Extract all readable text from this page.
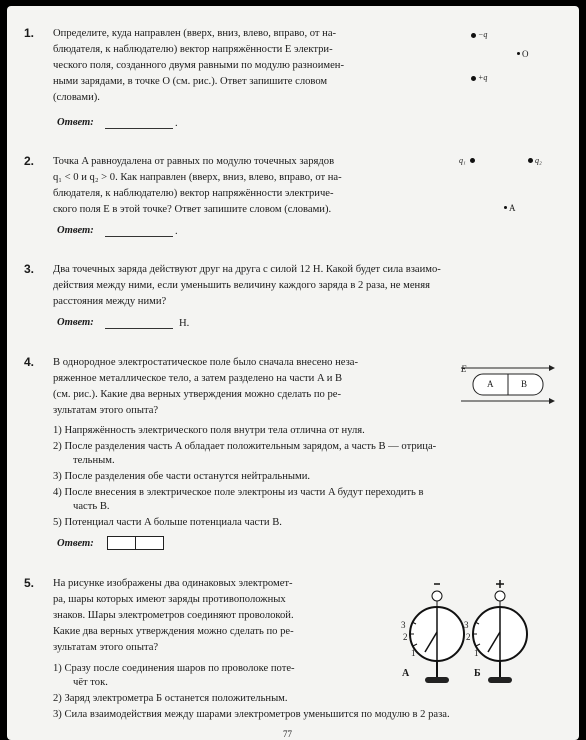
1. Определите, куда направлен (вверх, вниз, влево, вправо, от на-
блюдателя, к наблюдателю) вектор напряжённости E электри-
ческого поля, созданного двумя равными по модулю разноимен-
ными зарядами, в точке O (см. рис.). Ответ запишите словом
(словами).
Ответ:	.
−q
O
+q
2. Точка A равноудалена от равных по модулю точечных зарядов
q₁ < 0 и q₂ > 0. Как направлен (вверх, вниз, влево, вправо, от на-
блюдателя, к наблюдателю) вектор напряжённости электриче-
ского поля E в этой точке? Ответ запишите словом (словами).
Ответ:	.
q₁	q₂
A
3. Два точечных заряда действуют друг на друга с силой 12 Н. Какой будет сила взаимо-
действия между ними, если уменьшить величину каждого заряда в 2 раза, не меняя
расстояния между ними?
Ответ:	Н.
4. В однородное электростатическое поле было сначала внесено неза-
ряженное металлическое тело, а затем разделено на части A и B
(см. рис.). Какие два верных утверждения можно сделать по ре-
зультатам этого опыта?
1) Напряжённость электрического поля внутри тела отлична от нуля.
2) После разделения часть A обладает положительным зарядом, а часть B — отрица-
тельным.
3) После разделения обе части останутся нейтральными.
4) После внесения в электрическое поле электроны из части A будут переходить в
часть B.
5) Потенциал части A больше потенциала части B.
Ответ:
E
A	B
5. На рисунке изображены два одинаковых электромет-
ра, шары которых имеют заряды противоположных
знаков. Шары электрометров соединяют проволокой.
Какие два верных утверждения можно сделать по ре-
зультатам этого опыта?
1) Сразу после соединения шаров по проволоке поте-
чёт ток.
2) Заряд электрометра Б останется положительным.
3) Сила взаимодействия между шарами электрометров уменьшится по модулю в 2 раза.
3
2
1
3
2
1
А	Б
77
